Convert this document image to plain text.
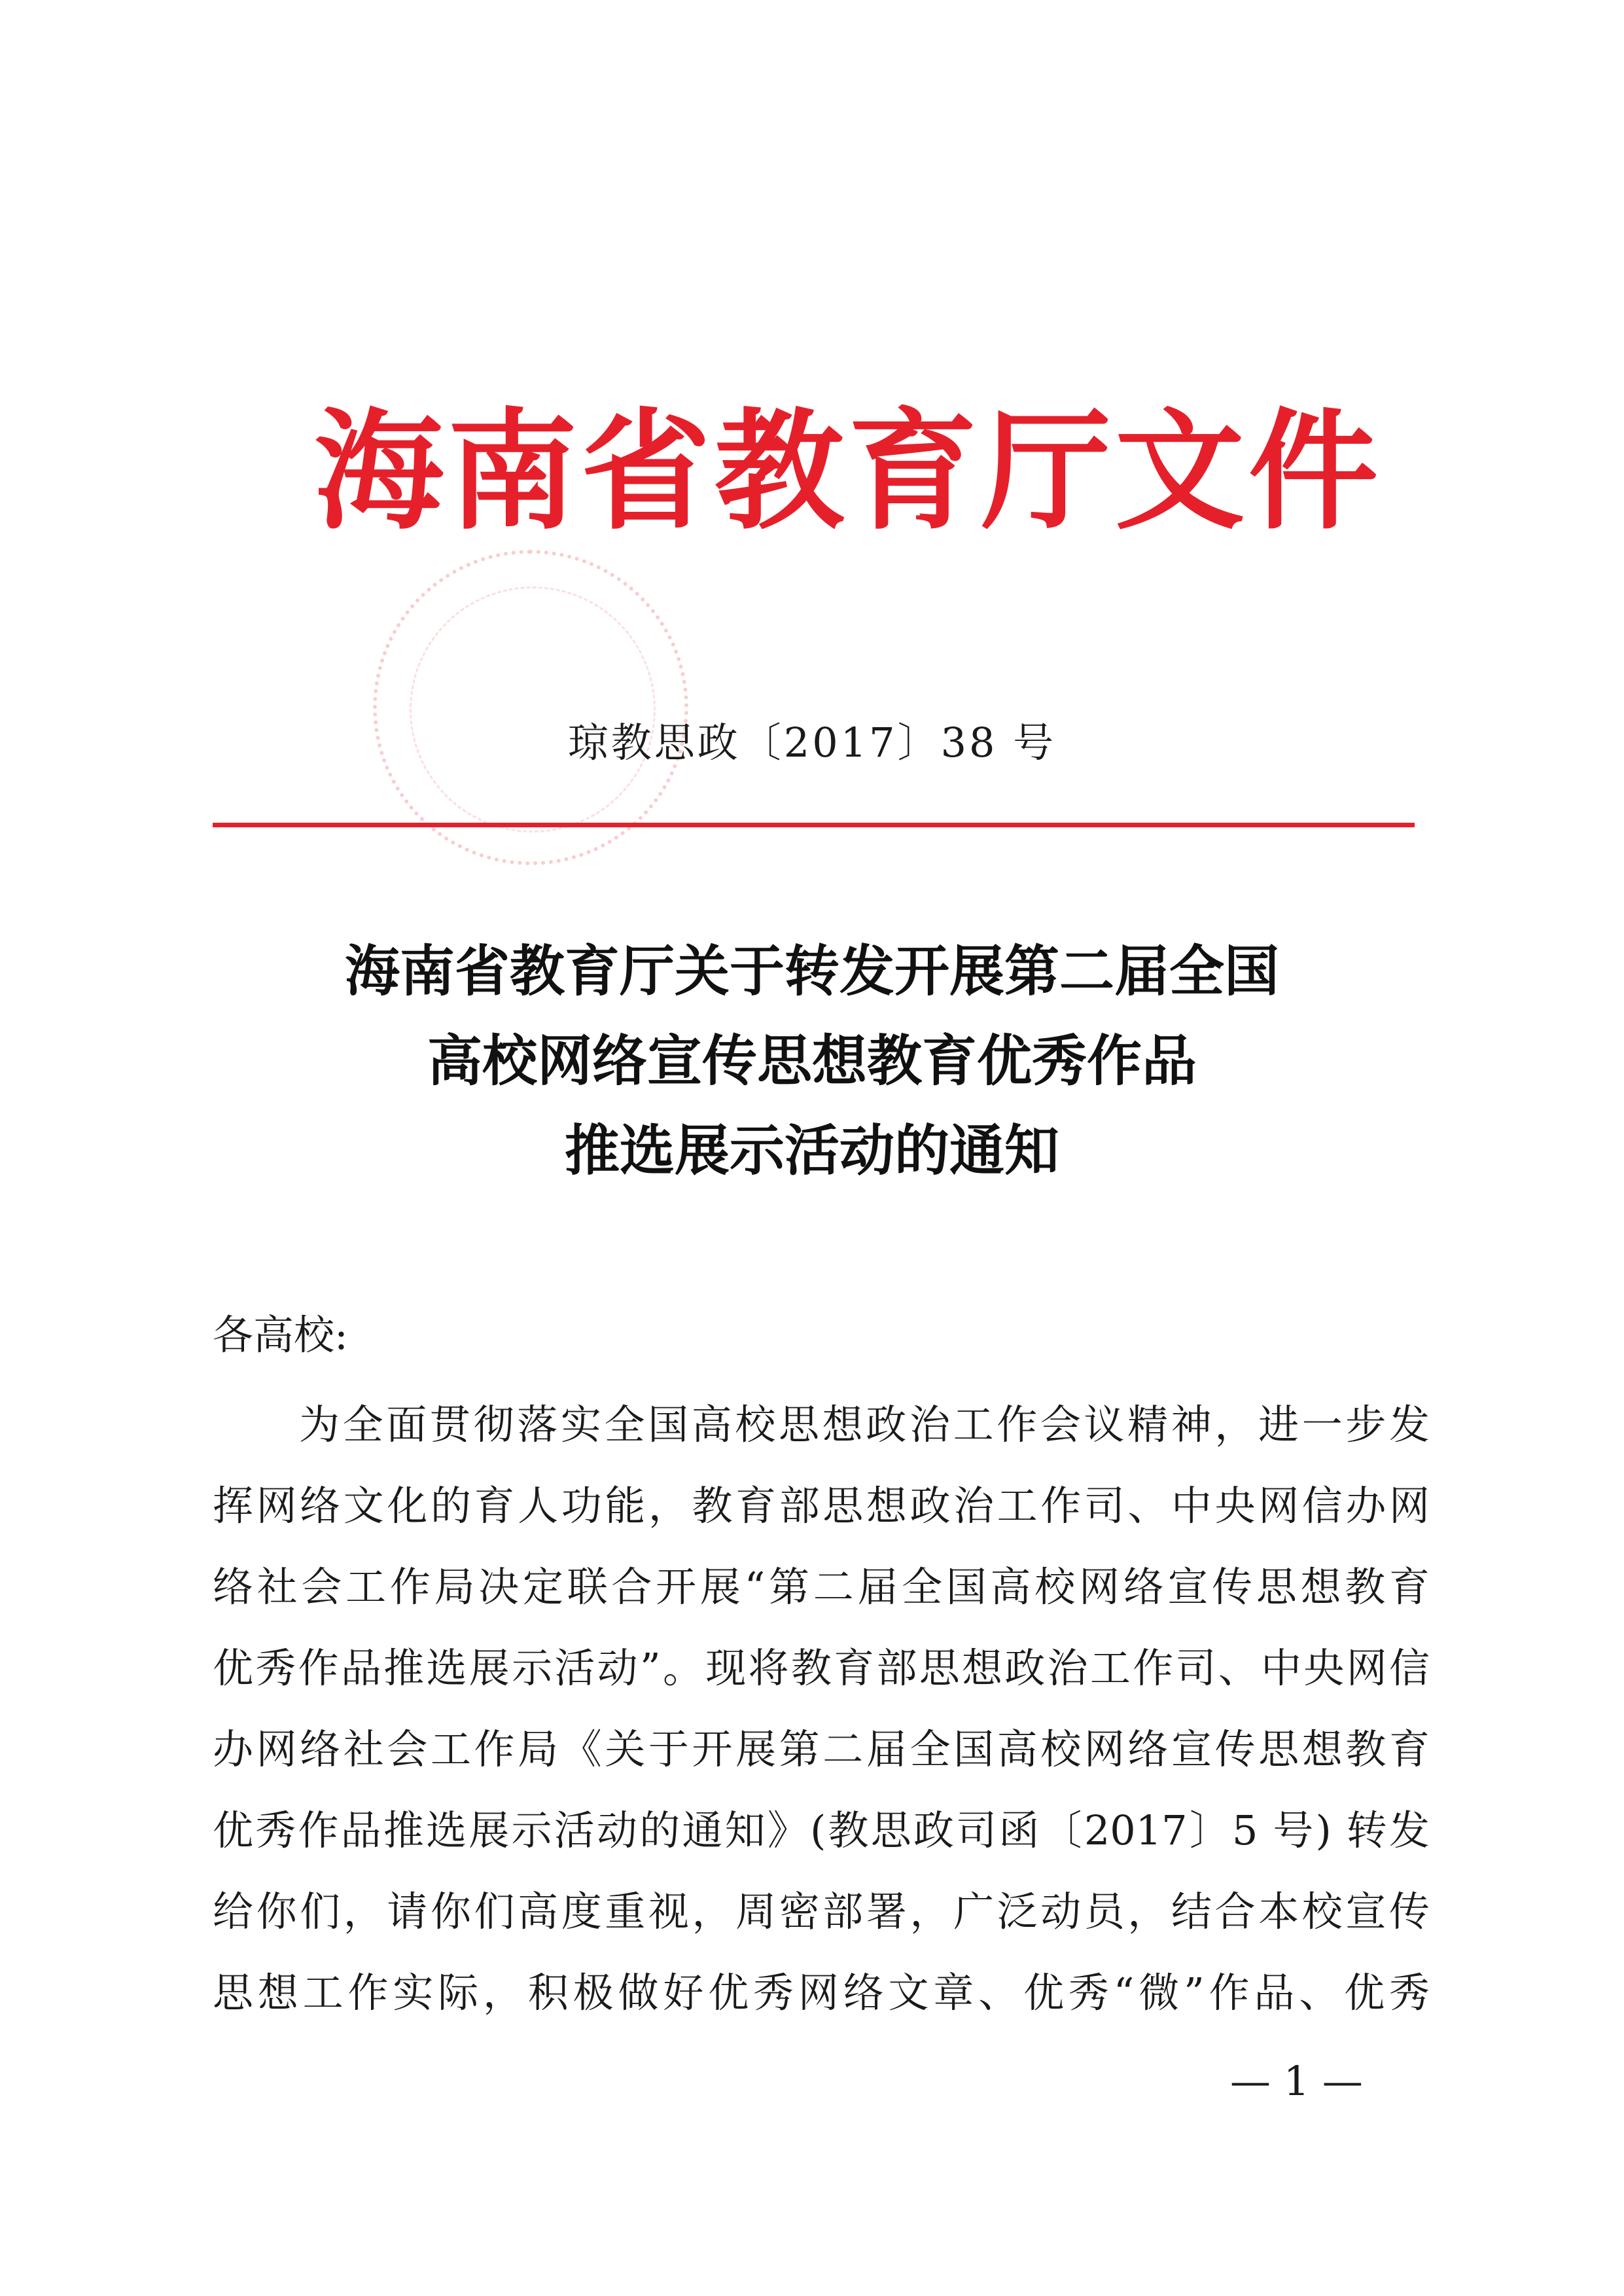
海南省教育厅文件
琼教思政〔2017〕38 号
海南省教育厅关于转发开展第二届全国
高校网络宣传思想教育优秀作品
推选展示活动的通知
各高校:
为全面贯彻落实全国高校思想政治工作会议精神，进一步发
挥网络文化的育人功能，教育部思想政治工作司、中央网信办网
络社会工作局决定联合开展“第二届全国高校网络宣传思想教育
优秀作品推选展示活动”。现将教育部思想政治工作司、中央网信
办网络社会工作局《关于开展第二届全国高校网络宣传思想教育
优秀作品推选展示活动的通知》(教思政司函〔2017〕5 号) 转发
给你们，请你们高度重视，周密部署，广泛动员，结合本校宣传
思想工作实际，积极做好优秀网络文章、优秀“微”作品、优秀
— 1 —
